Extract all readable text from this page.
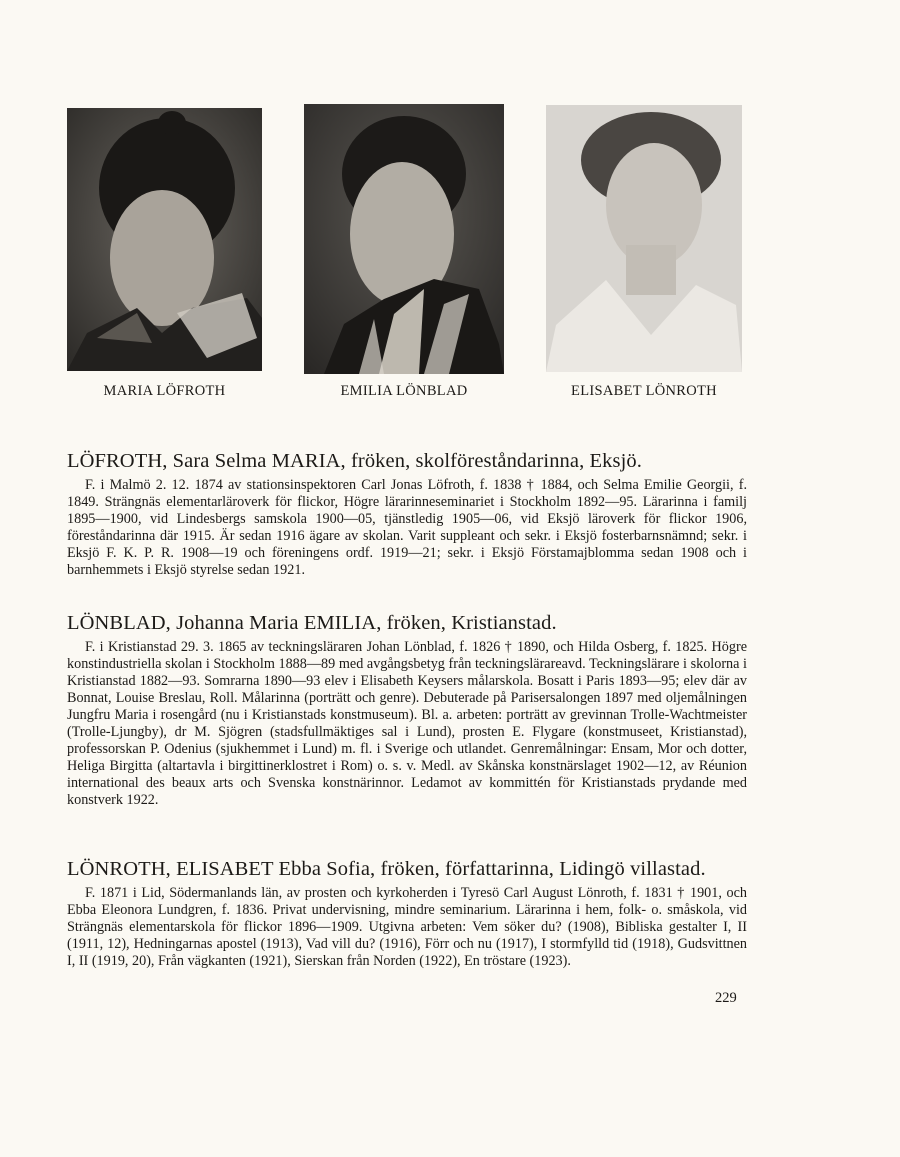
MARIA LÖFROTH	EMILIA LÖNBLAD	ELISABET LÖNROTH
LÖFROTH, Sara Selma MARIA, fröken, skolföreståndarinna, Eksjö.

F. i Malmö 2. 12. 1874 av stationsinspektoren Carl Jonas Löfroth, f. 1838 † 1884, och Selma Emilie Georgii, f. 1849. Strängnäs elementarläroverk för flickor, Högre lärarinneseminariet i Stockholm 1892—95. Lärarinna i familj 1895—1900, vid Lindesbergs samskola 1900—05, tjänstledig 1905—06, vid Eksjö läroverk för flickor 1906, föreståndarinna där 1915. Är sedan 1916 ägare av skolan. Varit suppleant och sekr. i Eksjö fosterbarnsnämnd; sekr. i Eksjö F. K. P. R. 1908—19 och föreningens ordf. 1919—21; sekr. i Eksjö Förstamajblomma sedan 1908 och i barnhemmets i Eksjö styrelse sedan 1921.

LÖNBLAD, Johanna Maria EMILIA, fröken, Kristianstad.

F. i Kristianstad 29. 3. 1865 av teckningsläraren Johan Lönblad, f. 1826 † 1890, och Hilda Osberg, f. 1825. Högre konstindustriella skolan i Stockholm 1888—89 med avgångsbetyg från teckningslärareavd. Teckningslärare i skolorna i Kristianstad 1882—93. Somrarna 1890—93 elev i Elisabeth Keysers målarskola. Bosatt i Paris 1893—95; elev där av Bonnat, Louise Breslau, Roll. Målarinna (porträtt och genre). Debuterade på Parisersalongen 1897 med oljemålningen Jungfru Maria i rosengård (nu i Kristianstads konstmuseum). Bl. a. arbeten: porträtt av grevinnan Trolle-Wachtmeister (Trolle-Ljungby), dr M. Sjögren (stadsfullmäktiges sal i Lund), prosten E. Flygare (konstmuseet, Kristianstad), professorskan P. Odenius (sjukhemmet i Lund) m. fl. i Sverige och utlandet. Genremålningar: Ensam, Mor och dotter, Heliga Birgitta (altartavla i birgittinerklostret i Rom) o. s. v. Medl. av Skånska konstnärslaget 1902—12, av Réunion international des beaux arts och Svenska konstnärinnor. Ledamot av kommittén för Kristianstads prydande med konstverk 1922.

LÖNROTH, ELISABET Ebba Sofia, fröken, författarinna, Lidingö villastad.

F. 1871 i Lid, Södermanlands län, av prosten och kyrkoherden i Tyresö Carl August Lönroth, f. 1831 † 1901, och Ebba Eleonora Lundgren, f. 1836. Privat undervisning, mindre seminarium. Lärarinna i hem, folk- o. småskola, vid Strängnäs elementarskola för flickor 1896—1909. Utgivna arbeten: Vem söker du? (1908), Bibliska gestalter I, II (1911, 12), Hedningarnas apostel (1913), Vad vill du? (1916), Förr och nu (1917), I stormfylld tid (1918), Gudsvittnen I, II (1919, 20), Från vägkanten (1921), Sierskan från Norden (1922), En tröstare (1923).

229
